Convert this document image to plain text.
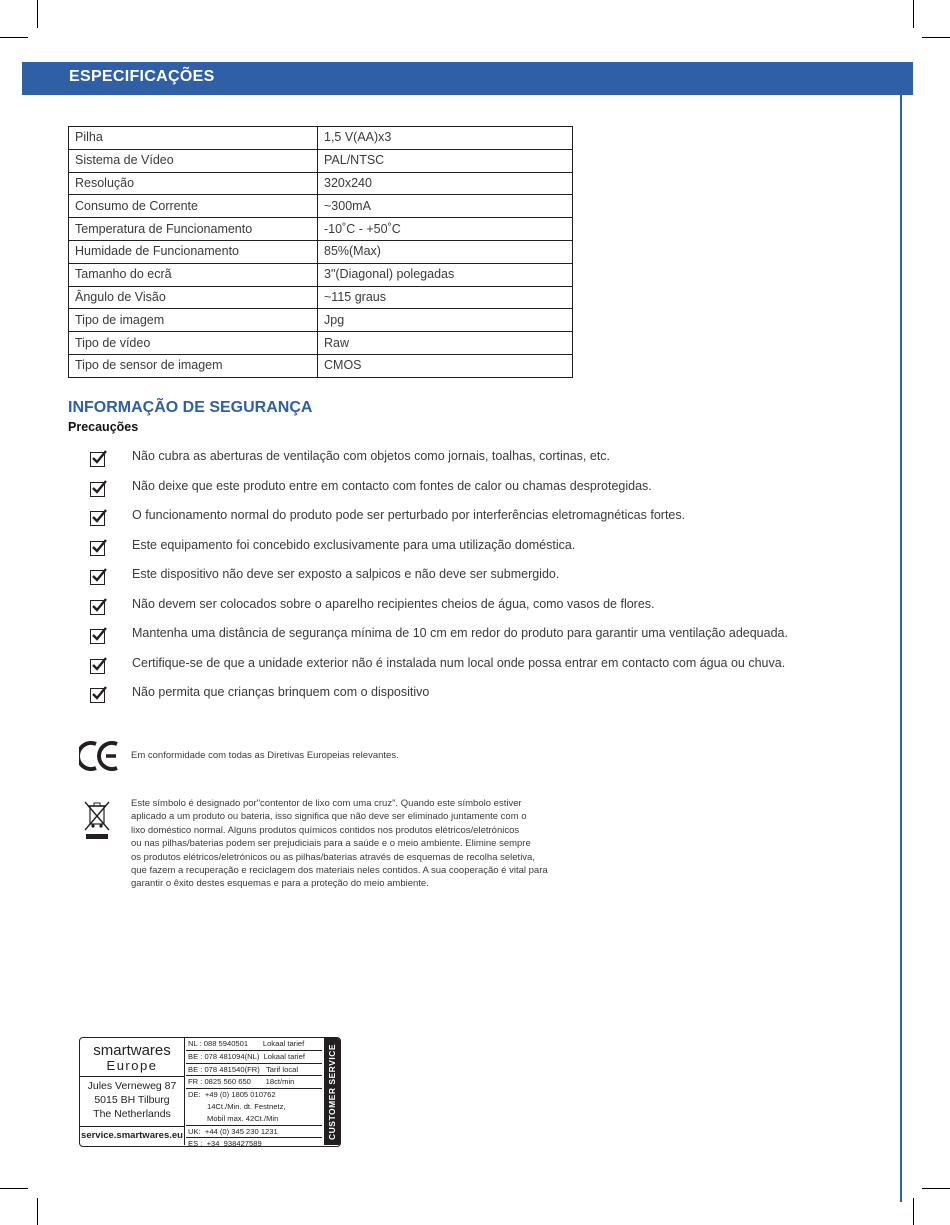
ESPECIFICAÇÕES
Pilha	1,5 V(AA)x3
Sistema de Vídeo	PAL/NTSC
Resolução	320x240
Consumo de Corrente	~300mA
Temperatura de Funcionamento	-10˚C - +50˚C
Humidade de Funcionamento	85%(Max)
Tamanho do ecrã	3"(Diagonal) polegadas
Ângulo de Visão	~115 graus
Tipo de imagem	Jpg
Tipo de vídeo	Raw
Tipo de sensor de imagem	CMOS
INFORMAÇÃO DE SEGURANÇA
Precauções
Não cubra as aberturas de ventilação com objetos como jornais, toalhas, cortinas, etc.
Não deixe que este produto entre em contacto com fontes de calor ou chamas desprotegidas.
O funcionamento normal do produto pode ser perturbado por interferências eletromagnéticas fortes.
Este equipamento foi concebido exclusivamente para uma utilização doméstica.
Este dispositivo não deve ser exposto a salpicos e não deve ser submergido.
Não devem ser colocados sobre o aparelho recipientes cheios de água, como vasos de flores.
Mantenha uma distância de segurança mínima de 10 cm em redor do produto para garantir uma ventilação adequada.
Certifique-se de que a unidade exterior não é instalada num local onde possa entrar em contacto com água ou chuva.
Não permita que crianças brinquem com o dispositivo
Em conformidade com todas as Diretivas Europeias relevantes.
Este símbolo é designado por"contentor de lixo com uma cruz". Quando este símbolo estiver
aplicado a um produto ou bateria, isso significa que não deve ser eliminado juntamente com o
lixo doméstico normal. Alguns produtos químicos contidos nos produtos elétricos/eletrónicos
ou nas pilhas/baterias podem ser prejudiciais para a saúde e o meio ambiente. Elimine sempre
os produtos elétricos/eletrónicos ou as pilhas/baterias através de esquemas de recolha seletiva,
que fazem a recuperação e reciclagem dos materiais neles contidos. A sua cooperação é vital para
garantir o êxito destes esquemas e para a proteção do meio ambiente.
smartwares
Europe
Jules Verneweg 87
5015 BH Tilburg
The Netherlands
service.smartwares.eu
NL : 088 5940501       Lokaal tarief
BE : 078 481094(NL)  Lokaal tarief
BE : 078 481540(FR)   Tarif local
FR : 0825 560 650       18ct/min
DE:  +49 (0) 1805 010762
14Ct./Min. dt. Festnetz,
Mobil max. 42Ct./Min
UK:  +44 (0) 345 230 1231
ES :  +34  938427589
CUSTOMER SERVICE
